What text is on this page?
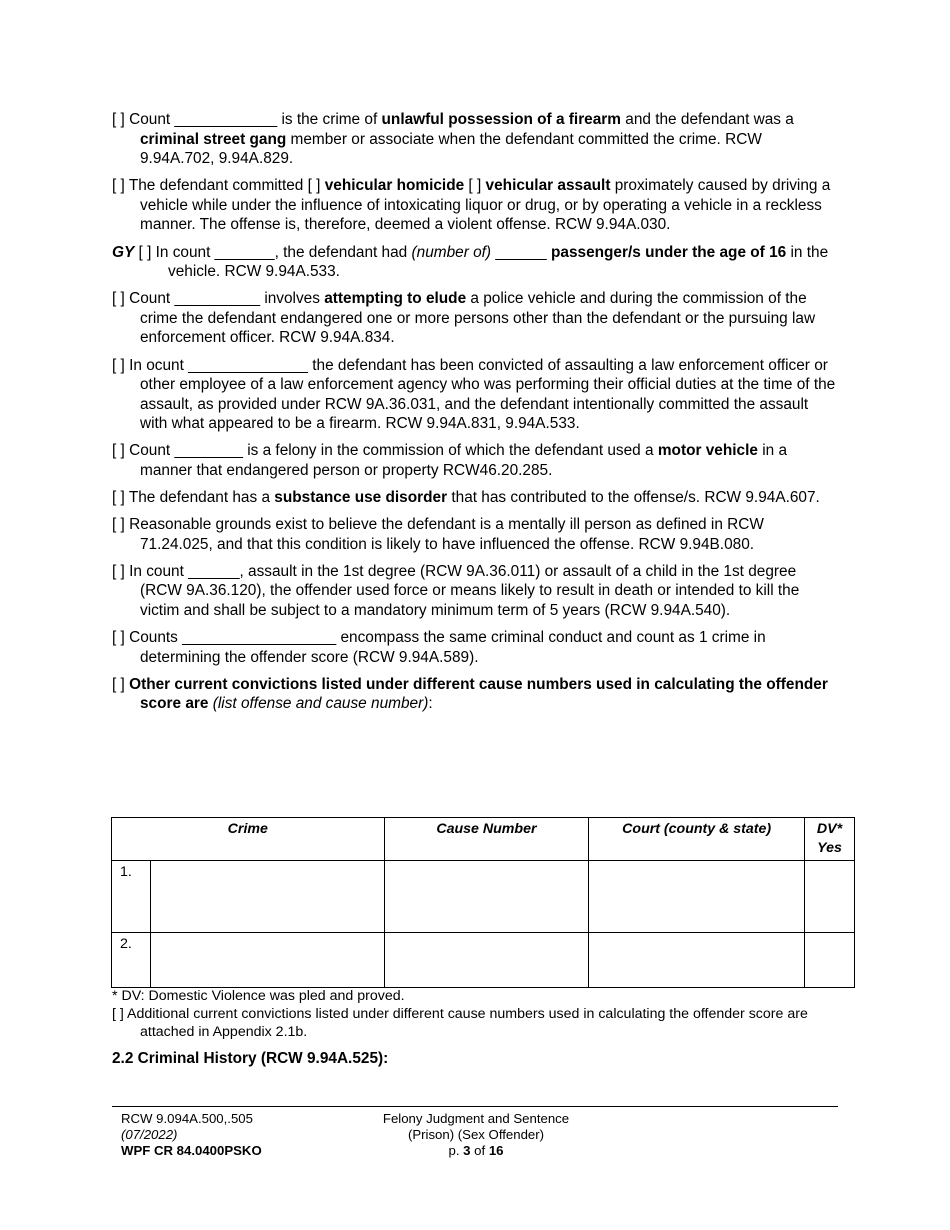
[ ] Count ____________ is the crime of unlawful possession of a firearm and the defendant was a criminal street gang member or associate when the defendant committed the crime. RCW 9.94A.702, 9.94A.829.

[ ] The defendant committed [ ] vehicular homicide [ ] vehicular assault proximately caused by driving a vehicle while under the influence of intoxicating liquor or drug, or by operating a vehicle in a reckless manner. The offense is, therefore, deemed a violent offense. RCW 9.94A.030.

GY [ ] In count _______, the defendant had (number of) ______ passenger/s under the age of 16 in the vehicle. RCW 9.94A.533.

[ ] Count __________ involves attempting to elude a police vehicle and during the commission of the crime the defendant endangered one or more persons other than the defendant or the pursuing law enforcement officer. RCW 9.94A.834.

[ ] In ocunt ______________ the defendant has been convicted of assaulting a law enforcement officer or other employee of a law enforcement agency who was performing their official duties at the time of the assault, as provided under RCW 9A.36.031, and the defendant intentionally committed the assault with what appeared to be a firearm. RCW 9.94A.831, 9.94A.533.

[ ] Count ________ is a felony in the commission of which the defendant used a motor vehicle in a manner that endangered person or property RCW46.20.285.

[ ] The defendant has a substance use disorder that has contributed to the offense/s. RCW 9.94A.607.

[ ] Reasonable grounds exist to believe the defendant is a mentally ill person as defined in RCW 71.24.025, and that this condition is likely to have influenced the offense. RCW 9.94B.080.

[ ] In count ______, assault in the 1st degree (RCW 9A.36.011) or assault of a child in the 1st degree (RCW 9A.36.120), the offender used force or means likely to result in death or intended to kill the victim and shall be subject to a mandatory minimum term of 5 years (RCW 9.94A.540).

[ ] Counts __________________ encompass the same criminal conduct and count as 1 crime in determining the offender score (RCW 9.94A.589).

[ ] Other current convictions listed under different cause numbers used in calculating the offender score are (list offense and cause number):

Crime		Cause Number	Court (county & state)	DV*
Yes
1.				
2.				
* DV: Domestic Violence was pled and proved.
[ ] Additional current convictions listed under different cause numbers used in calculating the offender score are attached in Appendix 2.1b.
2.2 Criminal History (RCW 9.94A.525):
RCW 9.094A.500,.505
(07/2022)
WPF CR 84.0400PSKO
Felony Judgment and Sentence
(Prison) (Sex Offender)
p. 3 of 16
